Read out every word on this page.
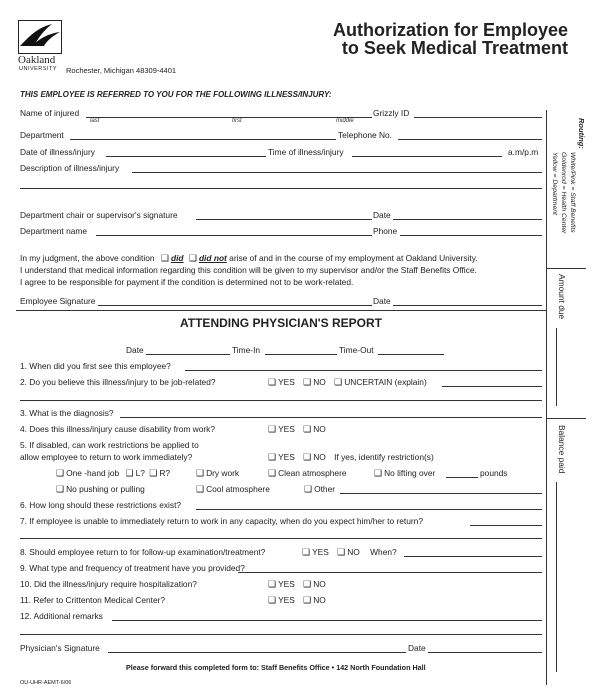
Oakland
UNIVERSITY Rochester, Michigan 48309-4401
Authorization for Employee
to Seek Medical Treatment
THIS EMPLOYEE IS REFERRED TO YOU FOR THE FOLLOWING ILLNESS/INJURY:
Name of injured
last	first	middle
Grizzly ID
Department	Telephone No.
Date of illness/injury	Time of illness/injury	a.m/p.m
Description of illness/injury
Department chair or supervisor's signature	Date
Department name	Phone
In my judgment, the above condition ❑ did ❑ did not arise of and in the course of my employment at Oakland University.
I understand that medical information regarding this condition will be given to my supervisor and/or the Staff Benefits Office.
I agree to be responsible for payment if the condition is determined not to be work-related.
Employee Signature	Date
Routing:
White/Pink = Staff Benefits
Goldenrod = Health Center
Yellow = Department
Amount due
Balance paid
ATTENDING PHYSICIAN'S REPORT
Date	Time-In	Time-Out
1. When did you first see this employee?
2. Do you believe this illness/injury to be job-related?	❑ YES ❑ NO ❑ UNCERTAIN (explain)
3. What is the diagnosis?
4. Does this illness/injury cause disability from work?	❑ YES ❑ NO
5. If disabled, can work restrictions be applied to
allow employee to return to work immediately?	❑ YES ❑ NO If yes, identify restriction(s)
❑ One -hand job ❑ L? ❑ R?	❑ Dry work	❑ Clean atmosphere	❑ No lifting over	pounds
❑ No pushing or pulling	❑ Cool atmosphere	❑ Other
6. How long should these restrictions exist?
7. If employee is unable to immediately return to work in any capacity, when do you expect him/her to return?
8. Should employee return to for follow-up examination/treatment?	❑ YES ❑ NO When?
9. What type and frequency of treatment have you provided?
10. Did the illness/injury require hospitalization?	❑ YES ❑ NO
11. Refer to Crittenton Medical Center?	❑ YES ❑ NO
12. Additional remarks
Physician's Signature	Date
Please forward this completed form to: Staff Benefits Office • 142 North Foundation Hall
OU-UHR-AEMT-6/06
